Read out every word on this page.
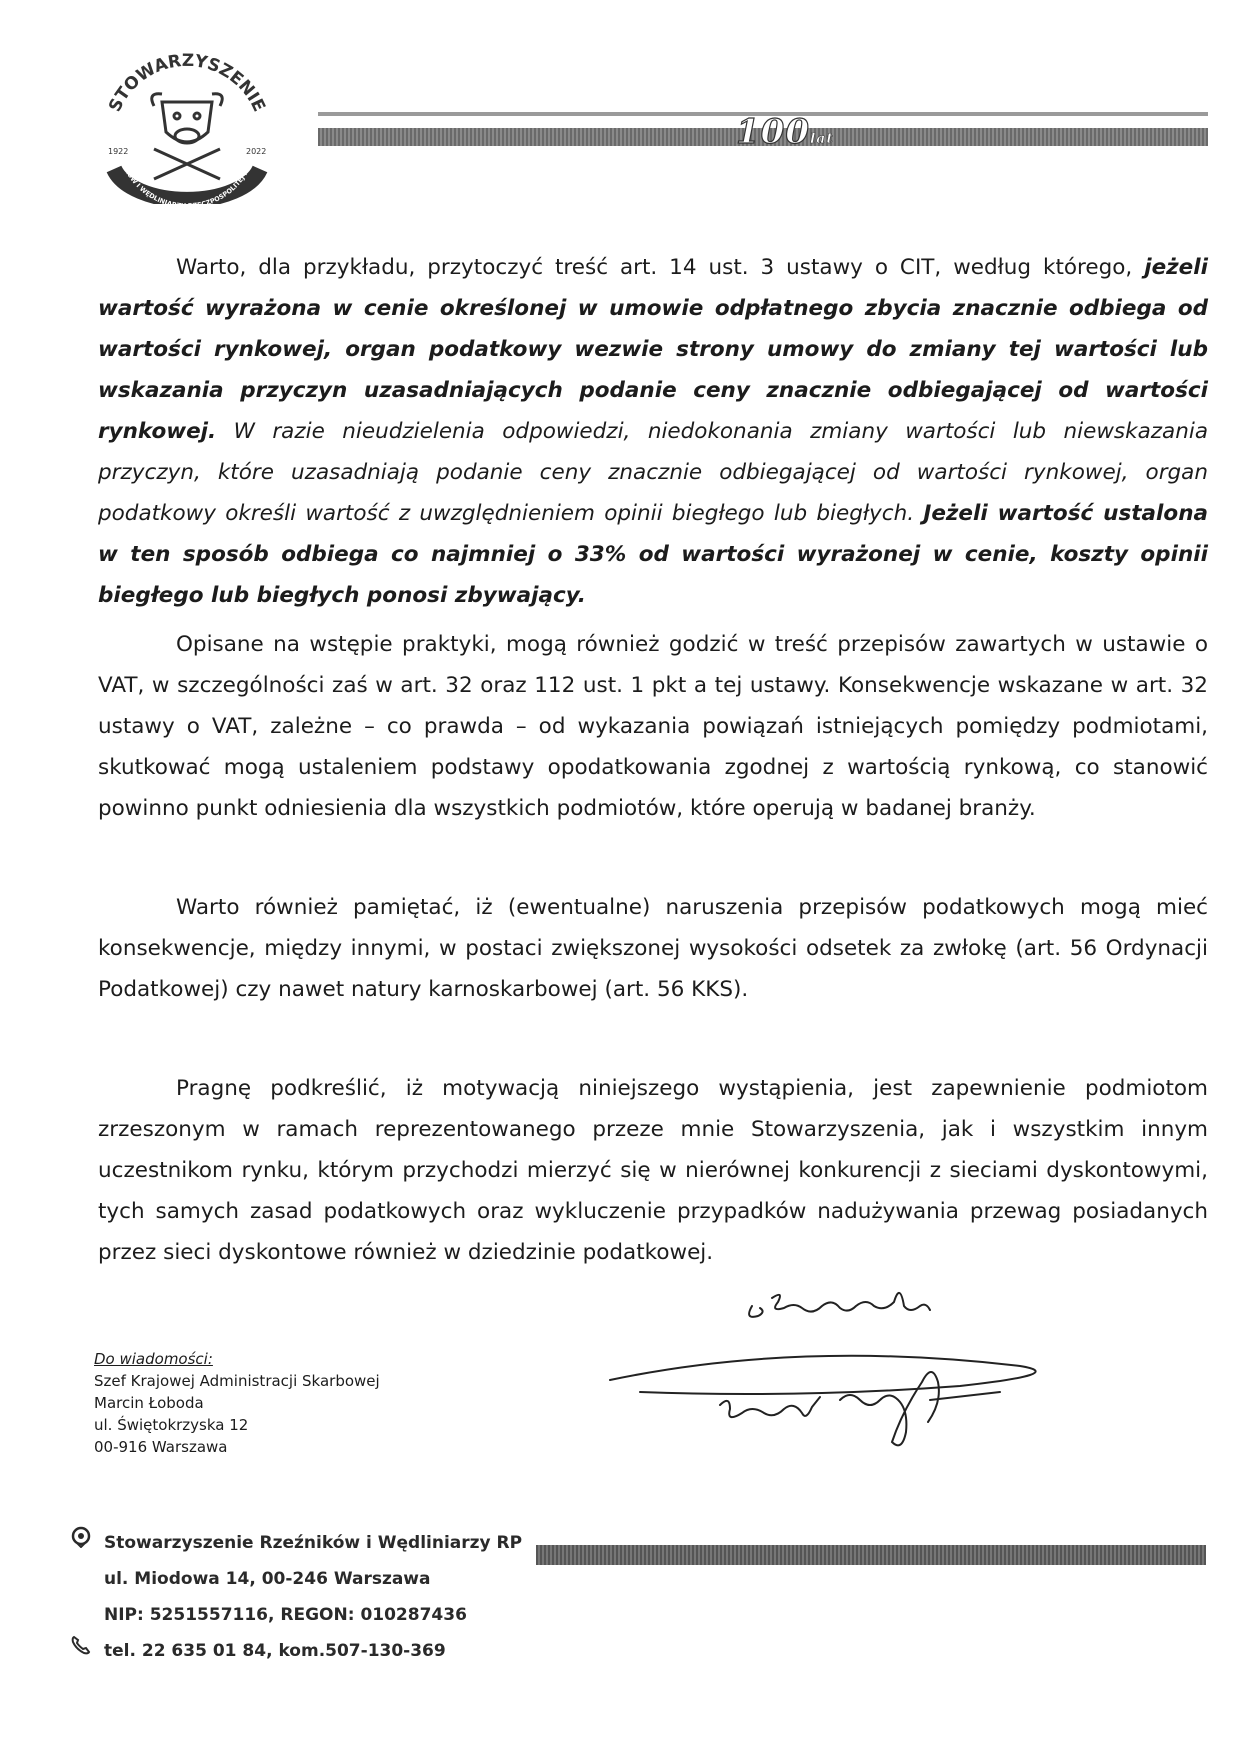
STOWARZYSZENIE
1922	2022
NIKÓW I WĘDLINIA CZPOSPOLITEJ POL
100lat

Warto, dla przykładu, przytoczyć treść art. 14 ust. 3 ustawy o CIT, według którego, jeżeli wartość wyrażona w cenie określonej w umowie odpłatnego zbycia znacznie odbiega od wartości rynkowej, organ podatkowy wezwie strony umowy do zmiany tej wartości lub wskazania przyczyn uzasadniających podanie ceny znacznie odbiegającej od wartości rynkowej. W razie nieudzielenia odpowiedzi, niedokonania zmiany wartości lub niewskazania przyczyn, które uzasadniają podanie ceny znacznie odbiegającej od wartości rynkowej, organ podatkowy określi wartość z uwzględnieniem opinii biegłego lub biegłych. Jeżeli wartość ustalona w ten sposób odbiega co najmniej o 33% od wartości wyrażonej w cenie, koszty opinii biegłego lub biegłych ponosi zbywający.

Opisane na wstępie praktyki, mogą również godzić w treść przepisów zawartych w ustawie o VAT, w szczególności zaś w art. 32 oraz 112 ust. 1 pkt a tej ustawy. Konsekwencje wskazane w art. 32 ustawy o VAT, zależne – co prawda – od wykazania powiązań istniejących pomiędzy podmiotami, skutkować mogą ustaleniem podstawy opodatkowania zgodnej z wartością rynkową, co stanowić powinno punkt odniesienia dla wszystkich podmiotów, które operują w badanej branży.

Warto również pamiętać, iż (ewentualne) naruszenia przepisów podatkowych mogą mieć konsekwencje, między innymi, w postaci zwiększonej wysokości odsetek za zwłokę (art. 56 Ordynacji Podatkowej) czy nawet natury karnoskarbowej (art. 56 KKS).

Pragnę podkreślić, iż motywacją niniejszego wystąpienia, jest zapewnienie podmiotom zrzeszonym w ramach reprezentowanego przeze mnie Stowarzyszenia, jak i wszystkim innym uczestnikom rynku, którym przychodzi mierzyć się w nierównej konkurencji z sieciami dyskontowymi, tych samych zasad podatkowych oraz wykluczenie przypadków nadużywania przewag posiadanych przez sieci dyskontowe również w dziedzinie podatkowej.

Do wiadomości:
Szef Krajowej Administracji Skarbowej
Marcin Łoboda
ul. Świętokrzyska 12
00-916 Warszawa
Stowarzyszenie Rzeźników i Wędliniarzy RP
ul. Miodowa 14, 00-246 Warszawa
NIP: 5251557116, REGON: 010287436
tel. 22 635 01 84, kom.507-130-369
